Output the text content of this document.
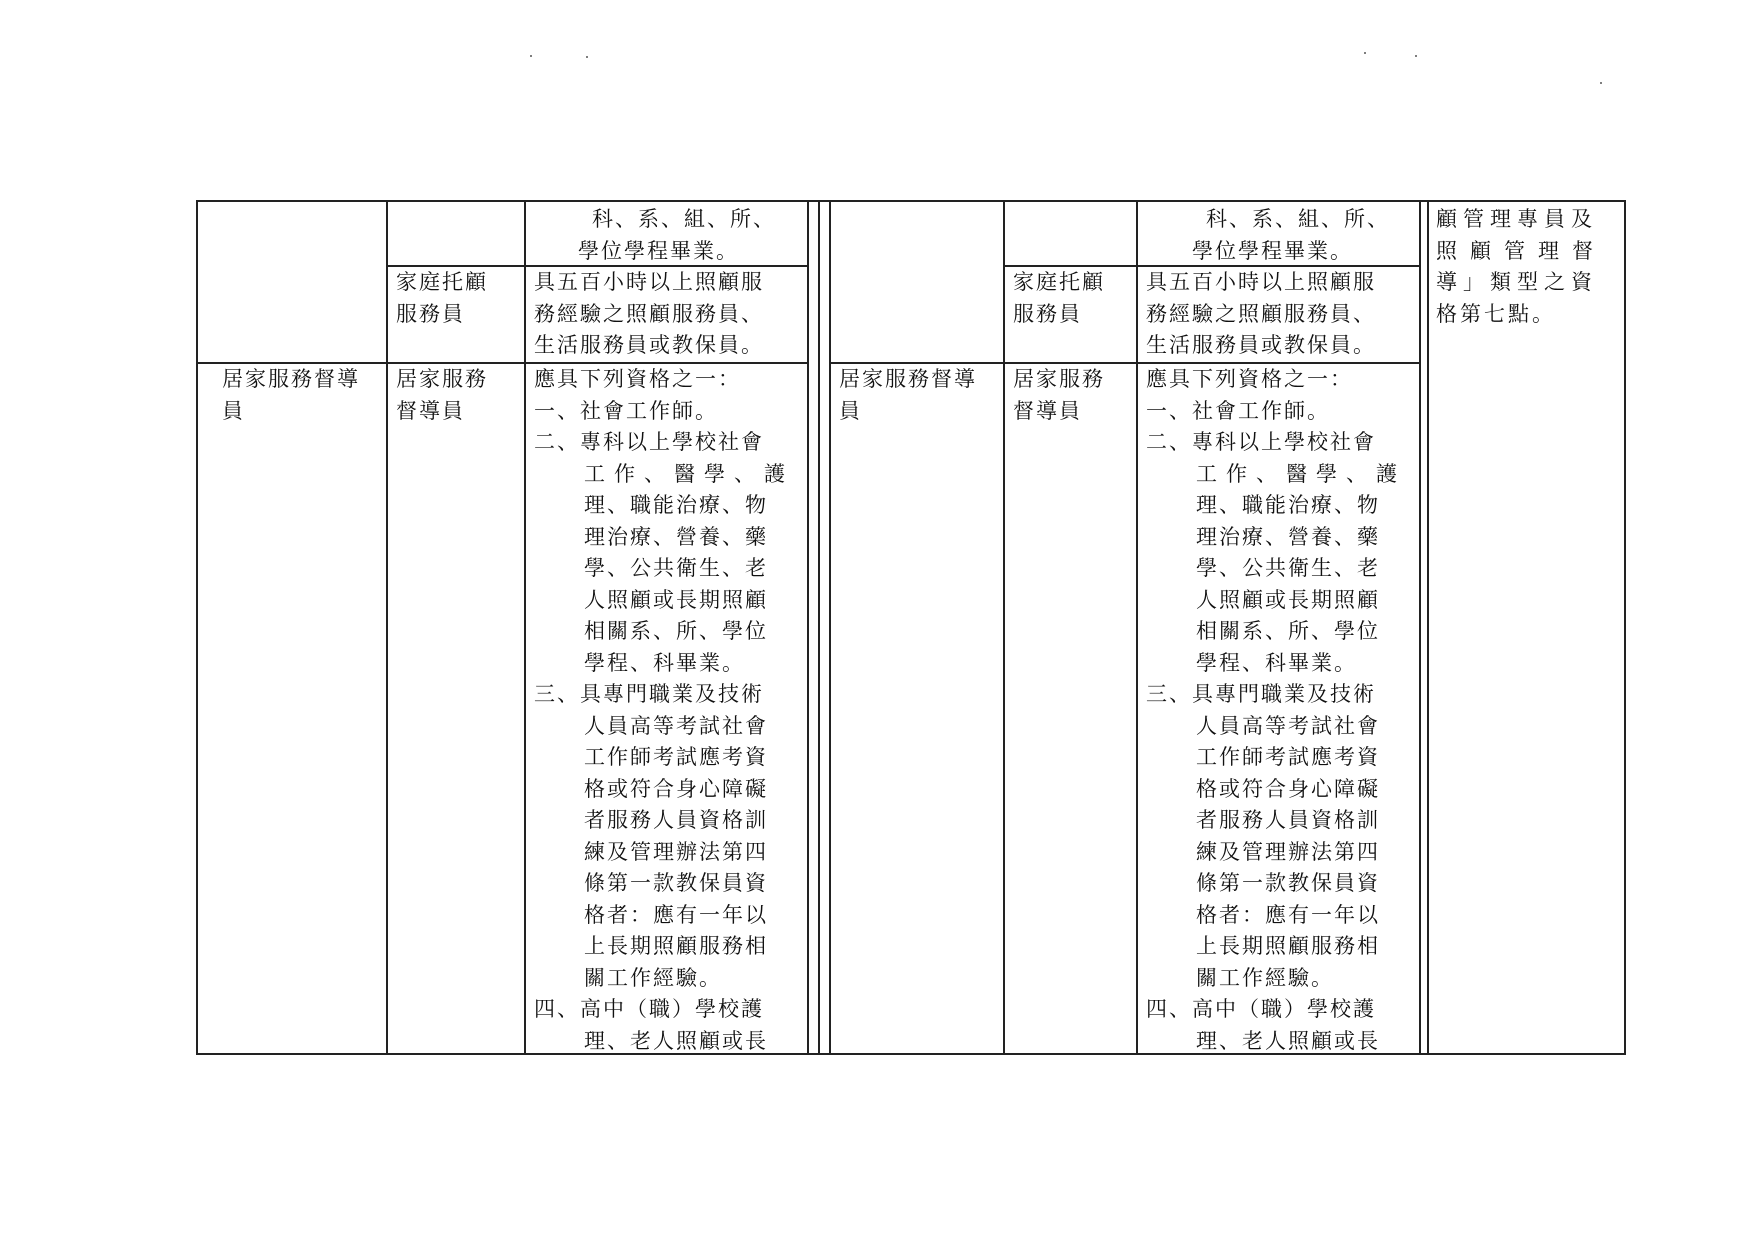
科、系、組、所、
學位學程畢業。
家庭托顧
服務員
具五百小時以上照顧服
務經驗之照顧服務員、
生活服務員或教保員。
居家服務督導
員
居家服務
督導員
應具下列資格之一：
一、社會工作師。
二、專科以上學校社會
工作、醫學、護
理、職能治療、物
理治療、營養、藥
學、公共衛生、老
人照顧或長期照顧
相關系、所、學位
學程、科畢業。
三、具專門職業及技術
人員高等考試社會
工作師考試應考資
格或符合身心障礙
者服務人員資格訓
練及管理辦法第四
條第一款教保員資
格者：應有一年以
上長期照顧服務相
關工作經驗。
四、高中（職）學校護
理、老人照顧或長
科、系、組、所、
學位學程畢業。
家庭托顧
服務員
具五百小時以上照顧服
務經驗之照顧服務員、
生活服務員或教保員。
居家服務督導
員
居家服務
督導員
應具下列資格之一：
一、社會工作師。
二、專科以上學校社會
工作、醫學、護
理、職能治療、物
理治療、營養、藥
學、公共衛生、老
人照顧或長期照顧
相關系、所、學位
學程、科畢業。
三、具專門職業及技術
人員高等考試社會
工作師考試應考資
格或符合身心障礙
者服務人員資格訓
練及管理辦法第四
條第一款教保員資
格者：應有一年以
上長期照顧服務相
關工作經驗。
四、高中（職）學校護
理、老人照顧或長
顧管理專員及
照顧管理督
導」類型之資
格第七點。
